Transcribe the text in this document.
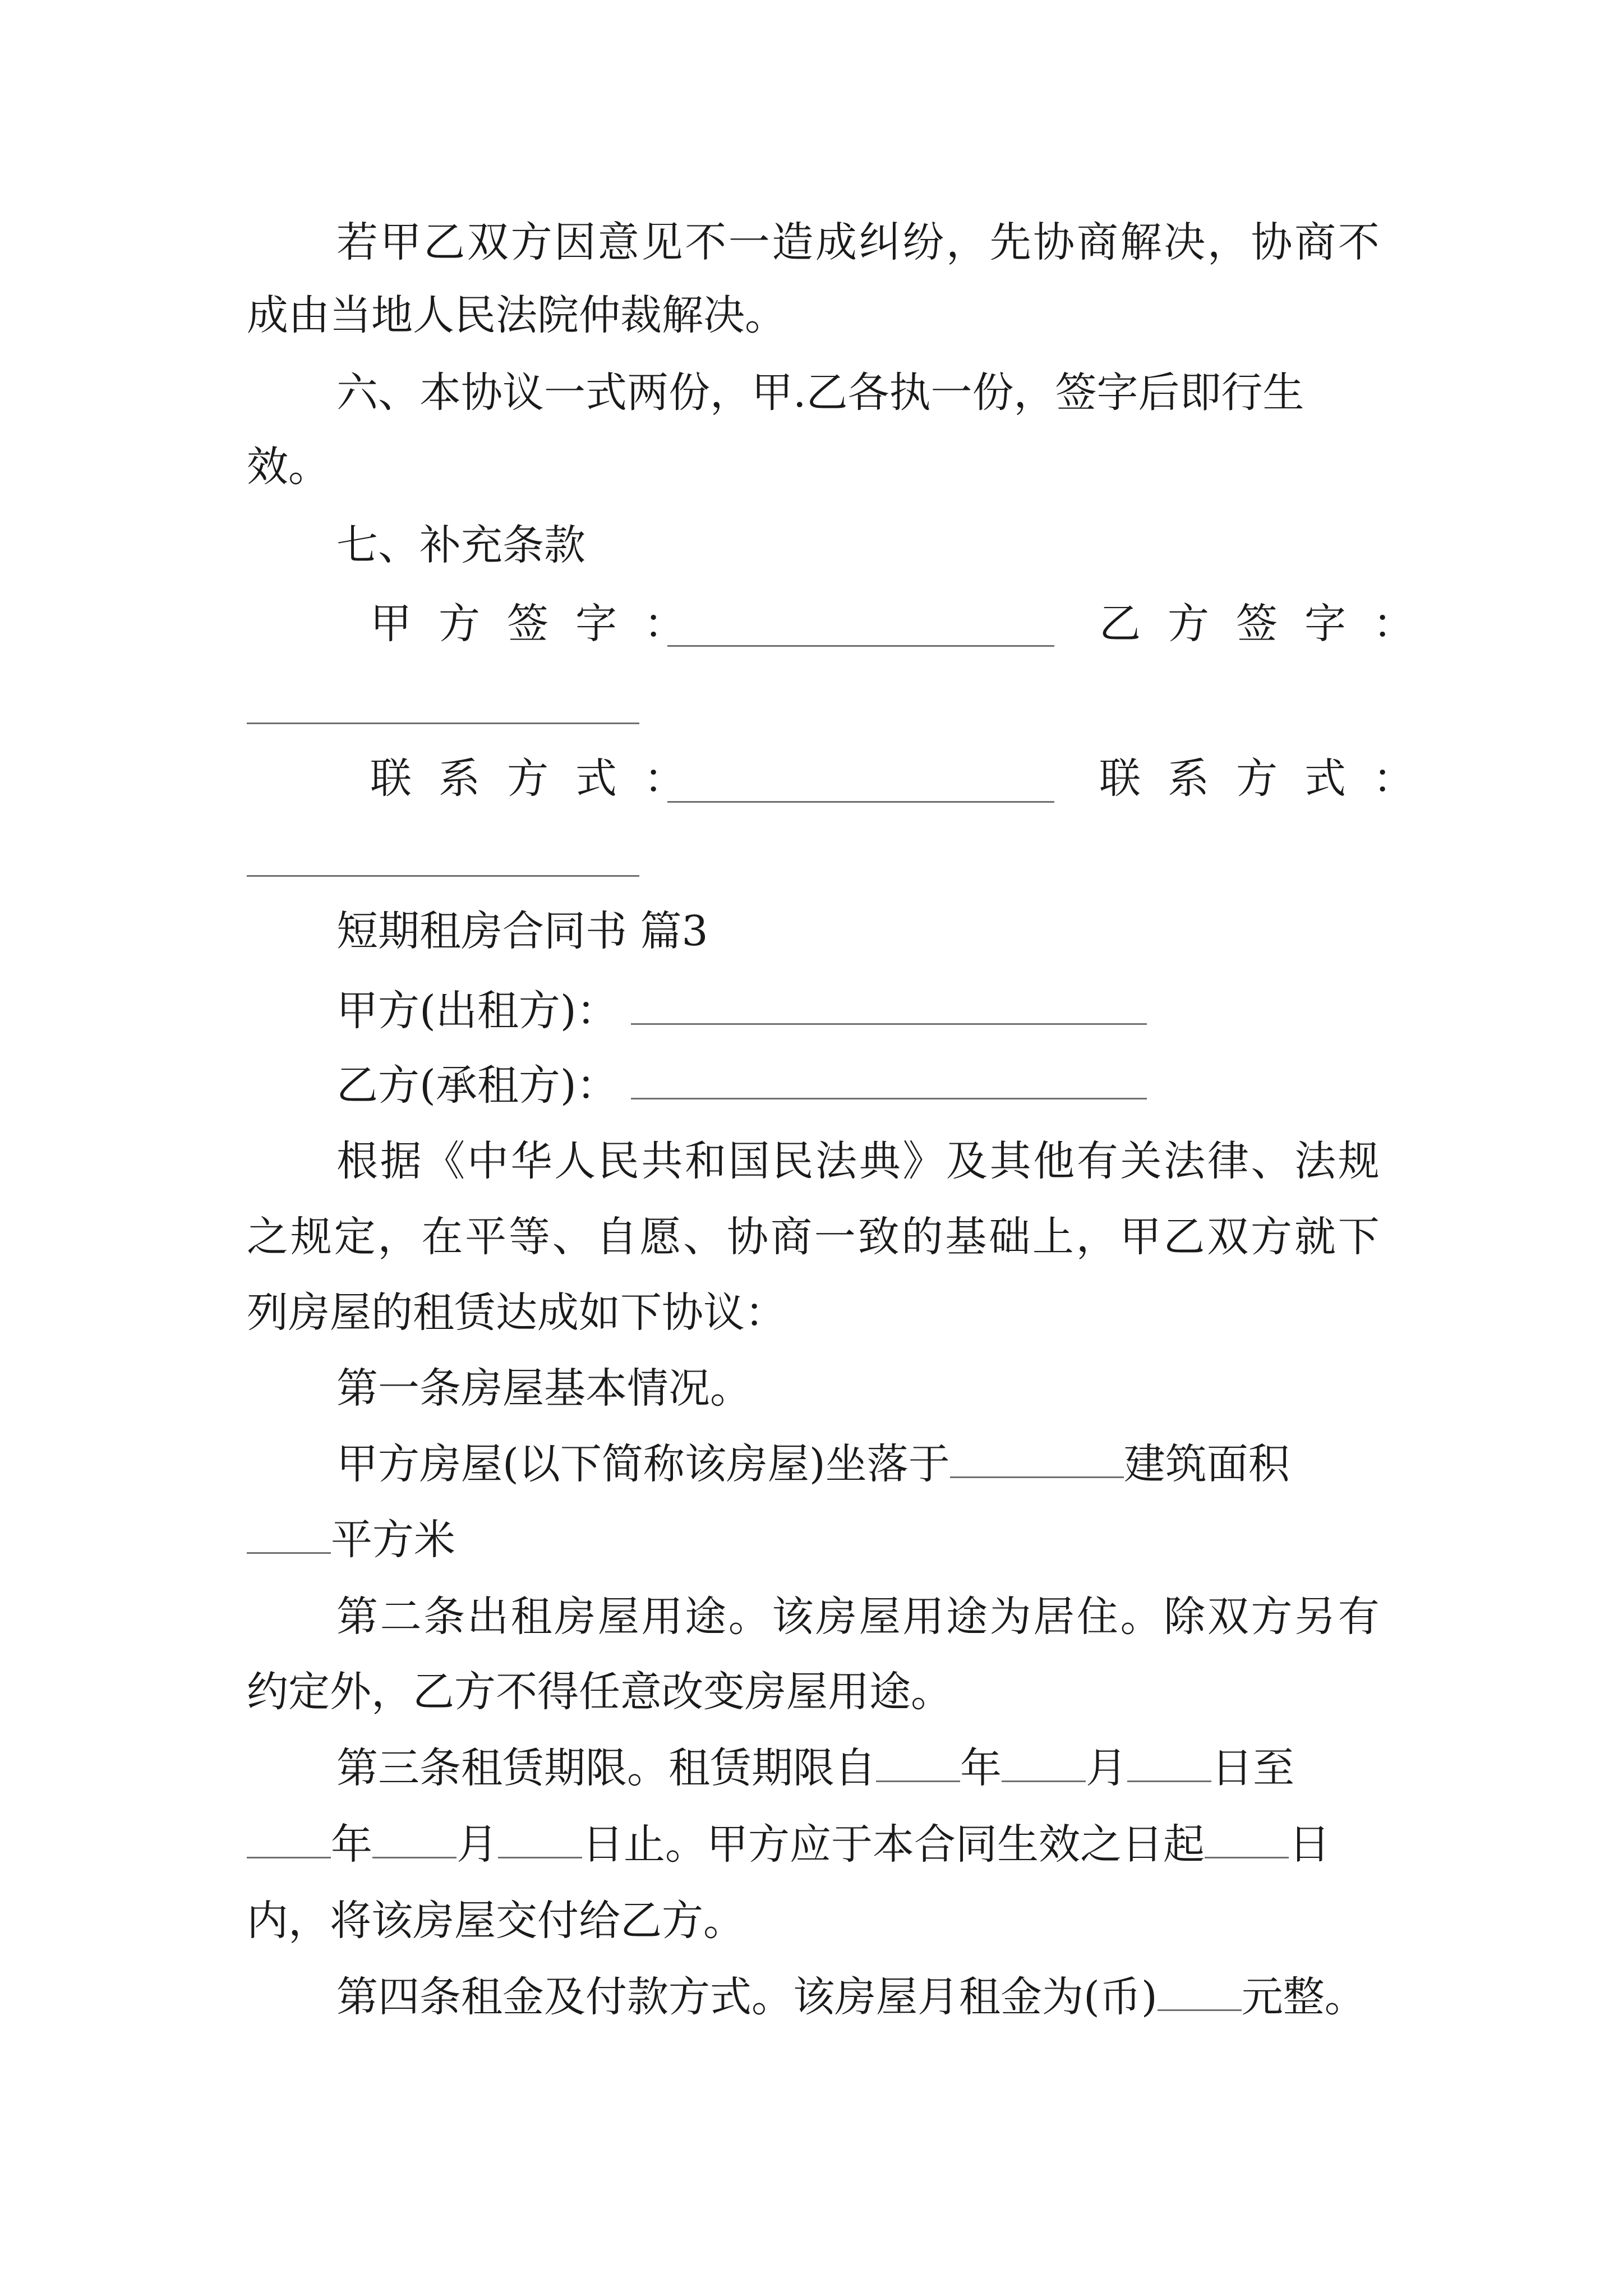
若 甲 乙 双 方 因 意 见 不 一 造 成 纠 纷 ， 先 协 商 解 决 ， 协 商 不
成由当地人民法院仲裁解决。
六、本协议一式两份，甲.乙各执一份，签字后即行生
效。
七、补充条款
甲方签字：	乙方签字：
联系方式：	联系方式：
短期租房合同书 篇3
甲方(出租方)：
乙方(承租方)：
根 据 《 中 华 人 民 共 和 国 民 法 典 》 及 其 他 有 关 法 律 、 法 规
之 规 定 ， 在 平 等 、 自 愿 、 协 商 一 致 的 基 础 上 ， 甲 乙 双 方 就 下
列房屋的租赁达成如下协议：
第一条房屋基本情况。
甲方房屋(以下简称该房屋)坐落于	建筑面积
平方米
第 二 条 出 租 房 屋 用 途 。 该 房 屋 用 途 为 居 住 。 除 双 方 另 有
约定外，乙方不得任意改变房屋用途。
第三条租赁期限。租赁期限自 年 月 日至
年 月 日止。甲方应于本合同生效之日起 日
内，将该房屋交付给乙方。
第四条租金及付款方式。该房屋月租金为(币) 元整。
